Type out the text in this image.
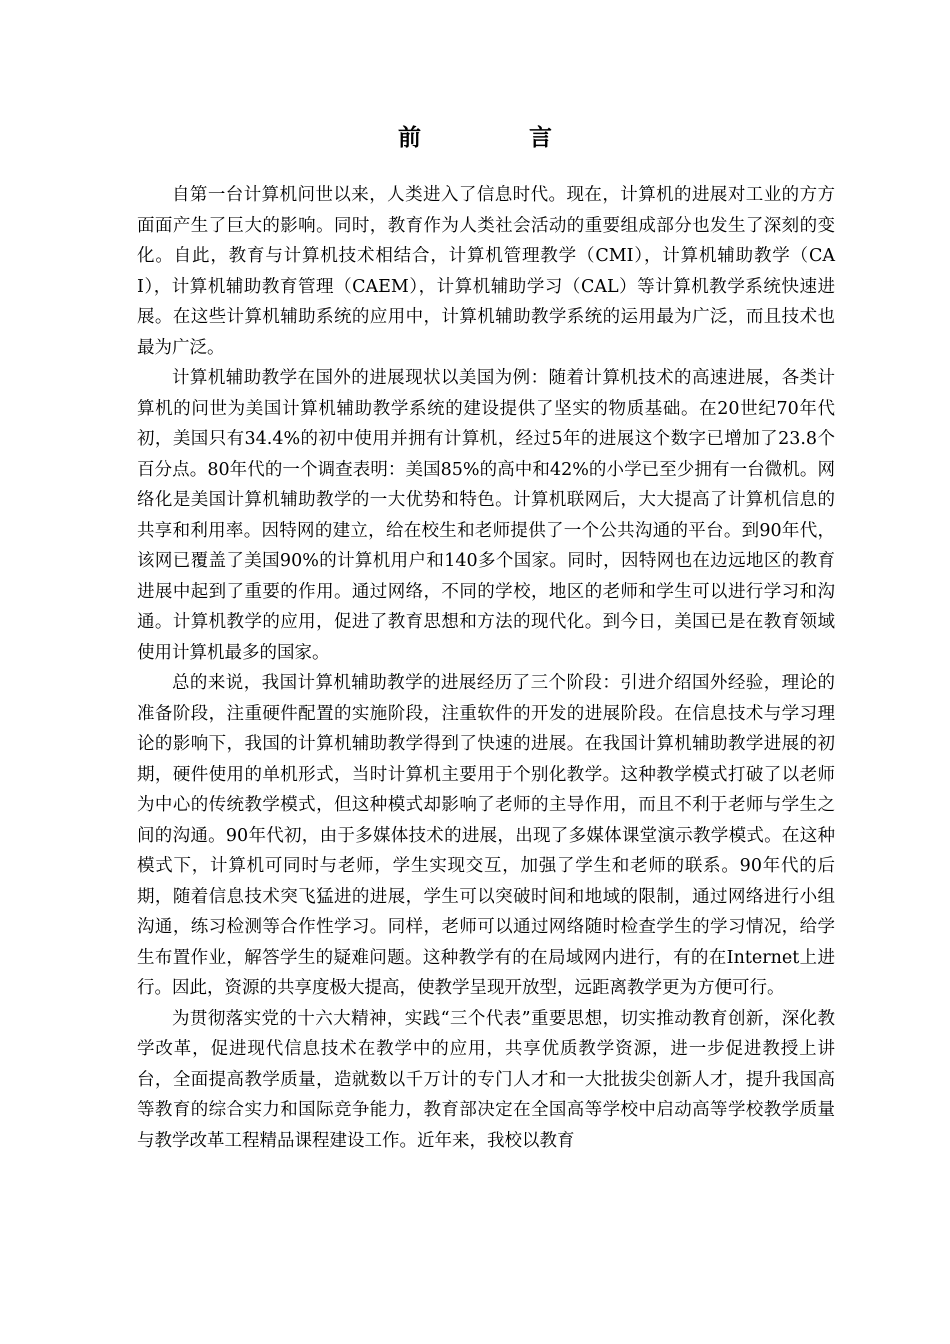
前 言

自第一台计算机问世以来，人类进入了信息时代。现在，计算机的进展对工业的方方面面产生了巨大的影响。同时，教育作为人类社会活动的重要组成部分也发生了深刻的变化。自此，教育与计算机技术相结合，计算机管理教学（CMI），计算机辅助教学（CAI），计算机辅助教育管理（CAEM），计算机辅助学习（CAL）等计算机教学系统快速进展。在这些计算机辅助系统的应用中，计算机辅助教学系统的运用最为广泛，而且技术也最为广泛。

计算机辅助教学在国外的进展现状以美国为例：随着计算机技术的高速进展，各类计算机的问世为美国计算机辅助教学系统的建设提供了坚实的物质基础。在20世纪70年代初，美国只有34.4%的初中使用并拥有计算机，经过5年的进展这个数字已增加了23.8个百分点。80年代的一个调查表明：美国85%的高中和42%的小学已至少拥有一台微机。网络化是美国计算机辅助教学的一大优势和特色。计算机联网后，大大提高了计算机信息的共享和利用率。因特网的建立，给在校生和老师提供了一个公共沟通的平台。到90年代，该网已覆盖了美国90%的计算机用户和140多个国家。同时，因特网也在边远地区的教育进展中起到了重要的作用。通过网络，不同的学校，地区的老师和学生可以进行学习和沟通。计算机教学的应用，促进了教育思想和方法的现代化。到今日，美国已是在教育领域使用计算机最多的国家。

总的来说，我国计算机辅助教学的进展经历了三个阶段：引进介绍国外经验，理论的准备阶段，注重硬件配置的实施阶段，注重软件的开发的进展阶段。在信息技术与学习理论的影响下，我国的计算机辅助教学得到了快速的进展。在我国计算机辅助教学进展的初期，硬件使用的单机形式，当时计算机主要用于个别化教学。这种教学模式打破了以老师为中心的传统教学模式，但这种模式却影响了老师的主导作用，而且不利于老师与学生之间的沟通。90年代初，由于多媒体技术的进展，出现了多媒体课堂演示教学模式。在这种模式下，计算机可同时与老师，学生实现交互，加强了学生和老师的联系。90年代的后期，随着信息技术突飞猛进的进展，学生可以突破时间和地域的限制，通过网络进行小组沟通，练习检测等合作性学习。同样，老师可以通过网络随时检查学生的学习情况，给学生布置作业，解答学生的疑难问题。这种教学有的在局域网内进行，有的在Internet上进行。因此，资源的共享度极大提高，使教学呈现开放型，远距离教学更为方便可行。

为贯彻落实党的十六大精神，实践“三个代表”重要思想，切实推动教育创新，深化教学改革，促进现代信息技术在教学中的应用，共享优质教学资源，进一步促进教授上讲台，全面提高教学质量，造就数以千万计的专门人才和一大批拔尖创新人才，提升我国高等教育的综合实力和国际竞争能力，教育部决定在全国高等学校中启动高等学校教学质量与教学改革工程精品课程建设工作。近年来，我校以教育
